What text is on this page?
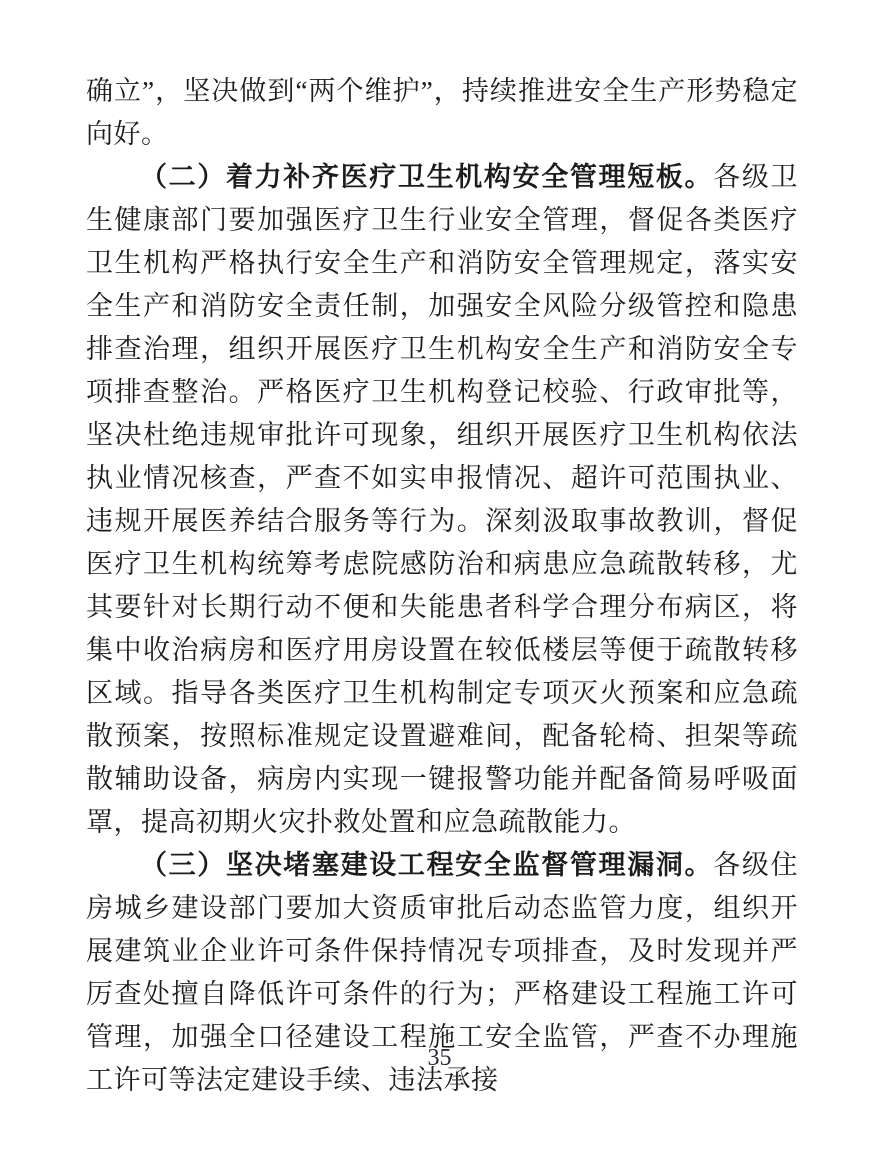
确立”，坚决做到“两个维护”，持续推进安全生产形势稳定向好。

（二）着力补齐医疗卫生机构安全管理短板。各级卫生健康部门要加强医疗卫生行业安全管理，督促各类医疗卫生机构严格执行安全生产和消防安全管理规定，落实安全生产和消防安全责任制，加强安全风险分级管控和隐患排查治理，组织开展医疗卫生机构安全生产和消防安全专项排查整治。严格医疗卫生机构登记校验、行政审批等，坚决杜绝违规审批许可现象，组织开展医疗卫生机构依法执业情况核查，严查不如实申报情况、超许可范围执业、违规开展医养结合服务等行为。深刻汲取事故教训，督促医疗卫生机构统筹考虑院感防治和病患应急疏散转移，尤其要针对长期行动不便和失能患者科学合理分布病区，将集中收治病房和医疗用房设置在较低楼层等便于疏散转移区域。指导各类医疗卫生机构制定专项灭火预案和应急疏散预案，按照标准规定设置避难间，配备轮椅、担架等疏散辅助设备，病房内实现一键报警功能并配备简易呼吸面罩，提高初期火灾扑救处置和应急疏散能力。

（三）坚决堵塞建设工程安全监督管理漏洞。各级住房城乡建设部门要加大资质审批后动态监管力度，组织开展建筑业企业许可条件保持情况专项排查，及时发现并严厉查处擅自降低许可条件的行为；严格建设工程施工许可管理，加强全口径建设工程施工安全监管，严查不办理施工许可等法定建设手续、违法承接

35
